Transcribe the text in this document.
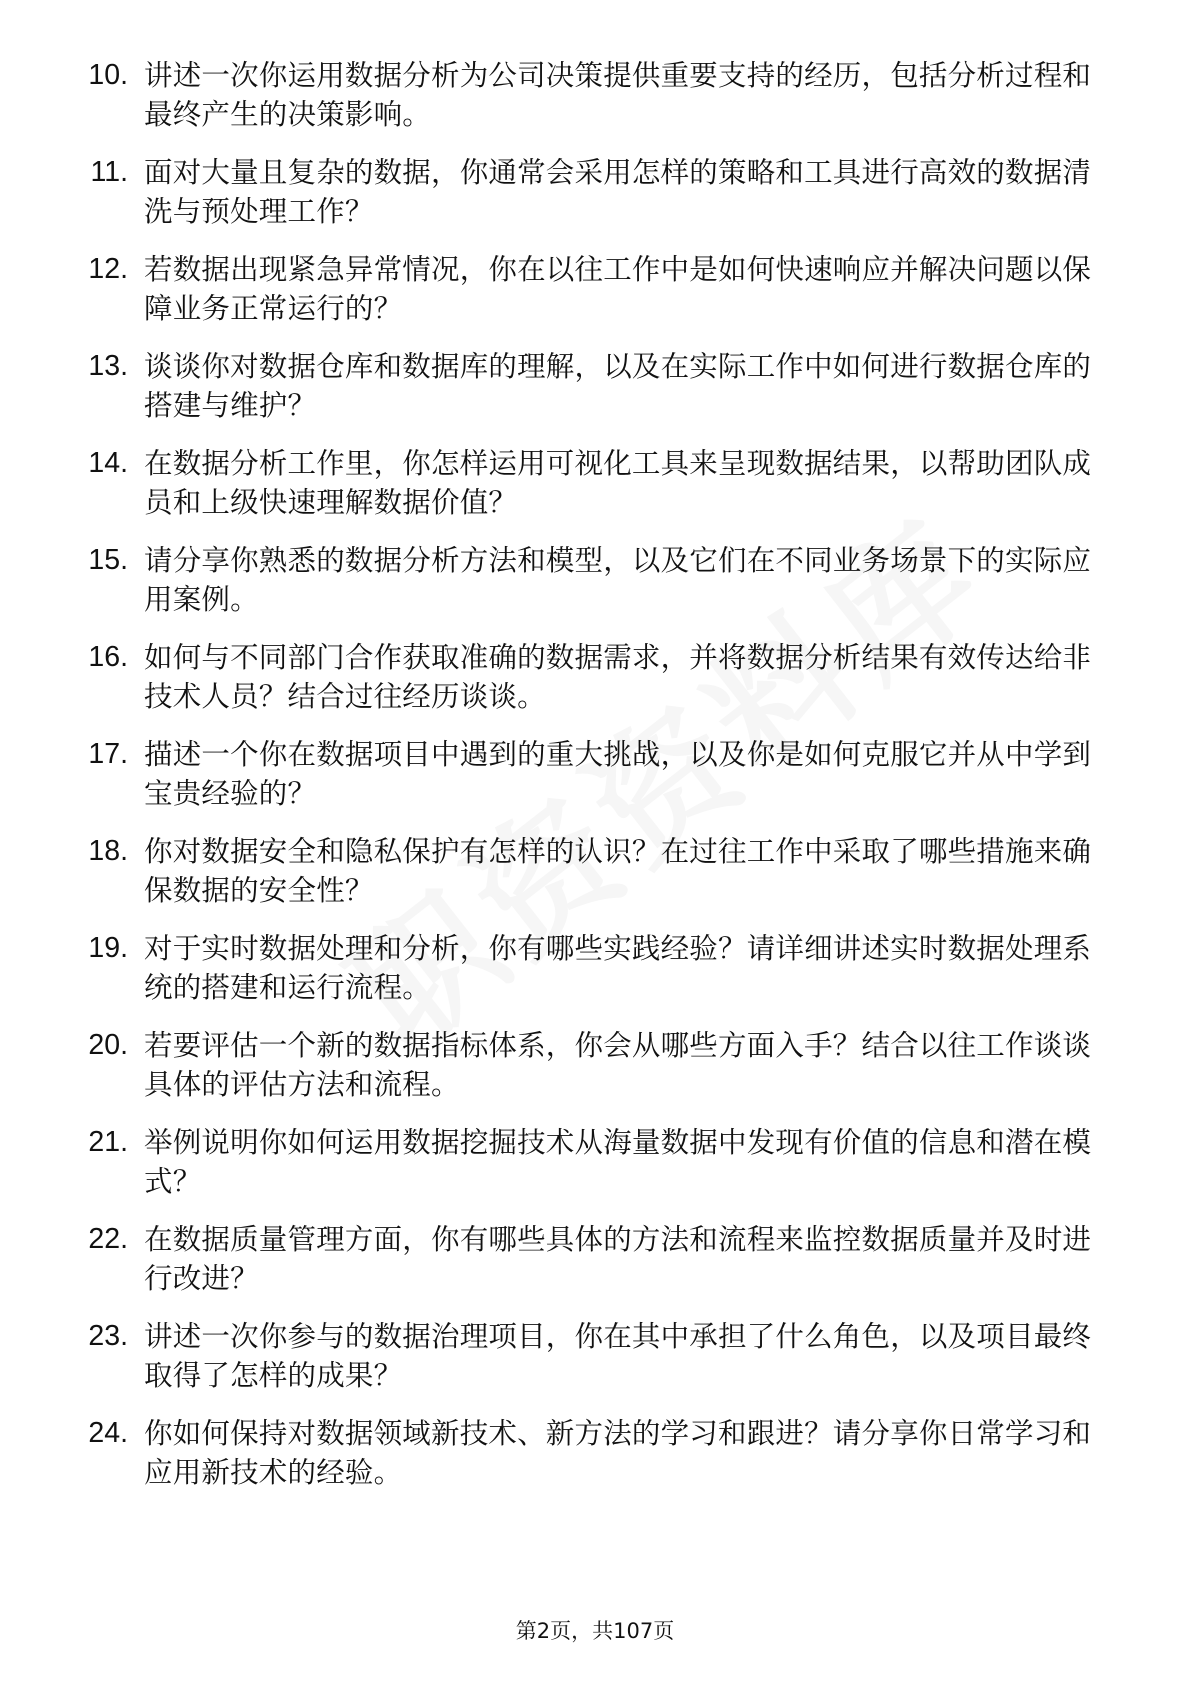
10. 讲述一次你运用数据分析为公司决策提供重要支持的经历，包括分析过程和最终产生的决策影响。
11. 面对大量且复杂的数据，你通常会采用怎样的策略和工具进行高效的数据清洗与预处理工作？
12. 若数据出现紧急异常情况，你在以往工作中是如何快速响应并解决问题以保障业务正常运行的？
13. 谈谈你对数据仓库和数据库的理解，以及在实际工作中如何进行数据仓库的搭建与维护？
14. 在数据分析工作里，你怎样运用可视化工具来呈现数据结果，以帮助团队成员和上级快速理解数据价值？
15. 请分享你熟悉的数据分析方法和模型，以及它们在不同业务场景下的实际应用案例。
16. 如何与不同部门合作获取准确的数据需求，并将数据分析结果有效传达给非技术人员？结合过往经历谈谈。
17. 描述一个你在数据项目中遇到的重大挑战，以及你是如何克服它并从中学到宝贵经验的？
18. 你对数据安全和隐私保护有怎样的认识？在过往工作中采取了哪些措施来确保数据的安全性？
19. 对于实时数据处理和分析，你有哪些实践经验？请详细讲述实时数据处理系统的搭建和运行流程。
20. 若要评估一个新的数据指标体系，你会从哪些方面入手？结合以往工作谈谈具体的评估方法和流程。
21. 举例说明你如何运用数据挖掘技术从海量数据中发现有价值的信息和潜在模式？
22. 在数据质量管理方面，你有哪些具体的方法和流程来监控数据质量并及时进行改进？
23. 讲述一次你参与的数据治理项目，你在其中承担了什么角色，以及项目最终取得了怎样的成果？
24. 你如何保持对数据领域新技术、新方法的学习和跟进？请分享你日常学习和应用新技术的经验。
第2页，共107页
